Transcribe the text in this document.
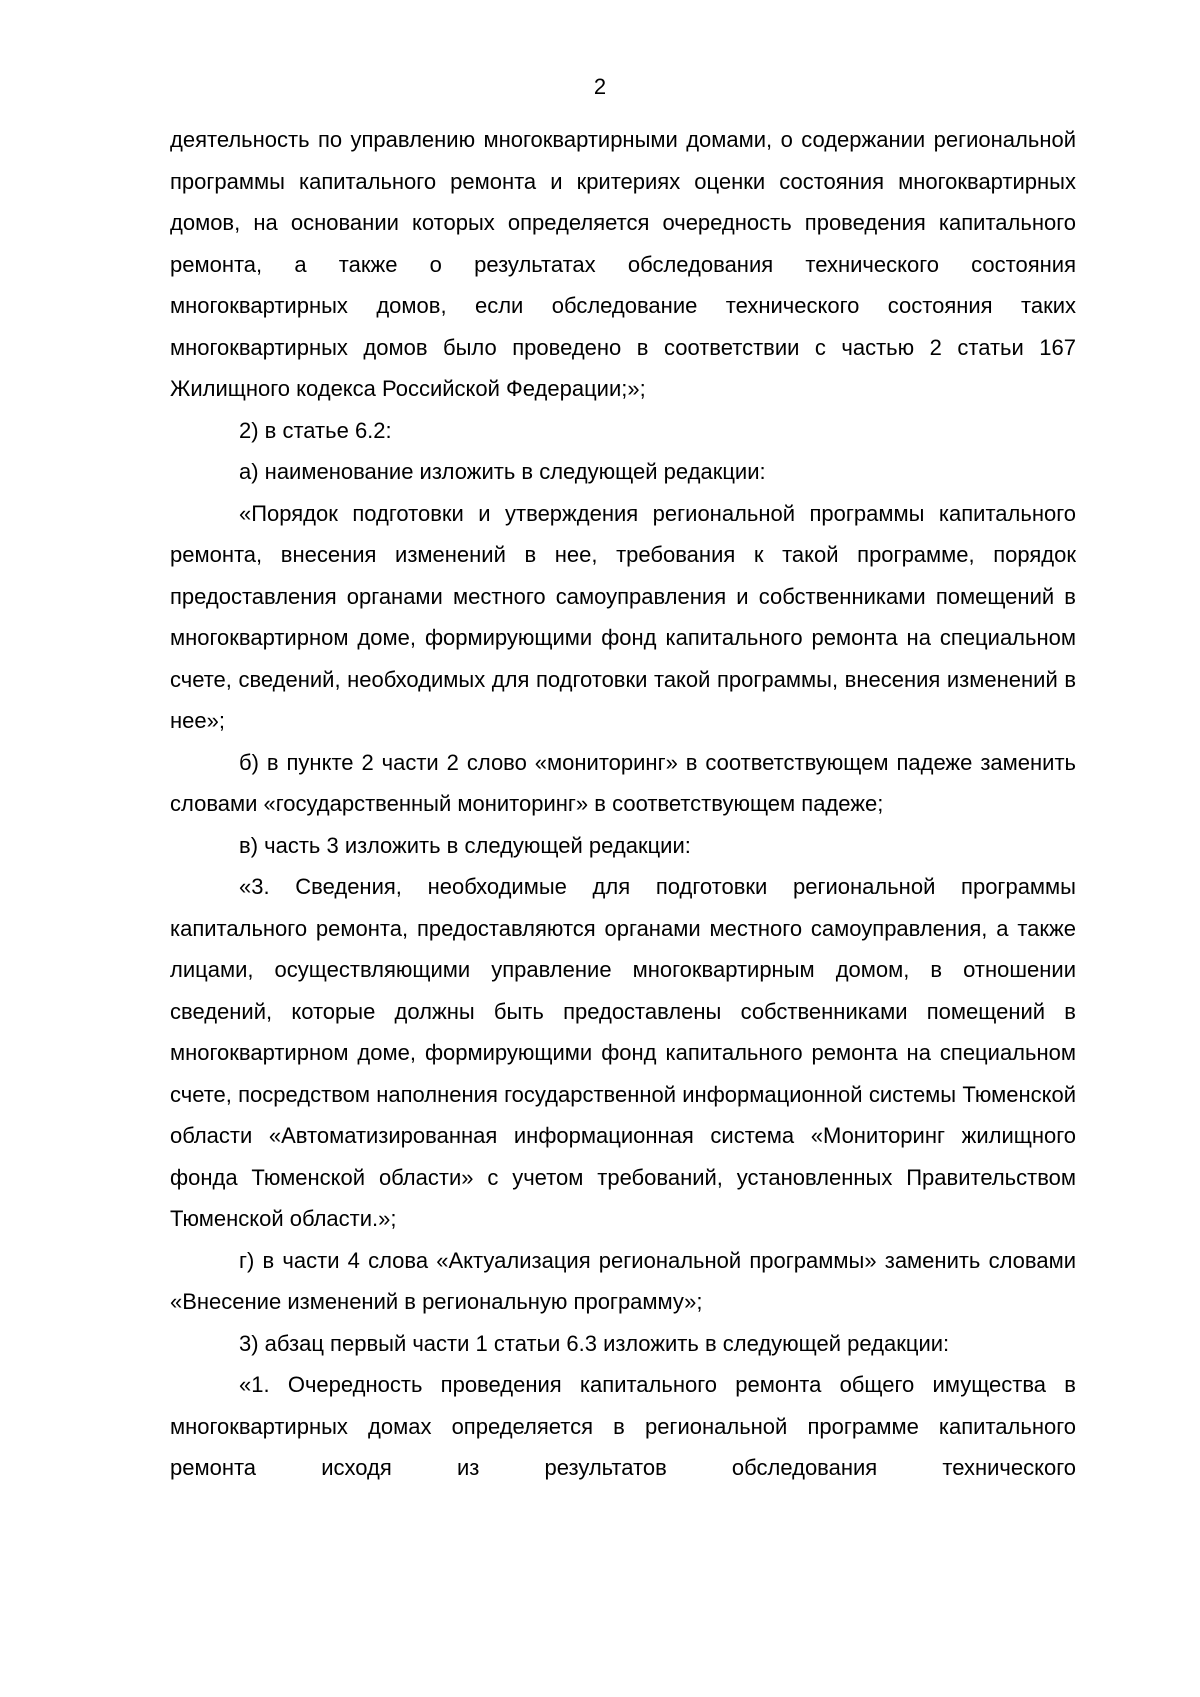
2

деятельность по управлению многоквартирными домами, о содержании региональной программы капитального ремонта и критериях оценки состояния многоквартирных домов, на основании которых определяется очередность проведения капитального ремонта, а также о результатах обследования технического состояния многоквартирных домов, если обследование технического состояния таких многоквартирных домов было проведено в соответствии с частью 2 статьи 167 Жилищного кодекса Российской Федерации;»;

2) в статье 6.2:

а) наименование изложить в следующей редакции:

«Порядок подготовки и утверждения региональной программы капитального ремонта, внесения изменений в нее, требования к такой программе, порядок предоставления органами местного самоуправления и собственниками помещений в многоквартирном доме, формирующими фонд капитального ремонта на специальном счете, сведений, необходимых для подготовки такой программы, внесения изменений в нее»;

б) в пункте 2 части 2 слово «мониторинг» в соответствующем падеже заменить словами «государственный мониторинг» в соответствующем падеже;

в) часть 3 изложить в следующей редакции:

«3. Сведения, необходимые для подготовки региональной программы капитального ремонта, предоставляются органами местного самоуправления, а также лицами, осуществляющими управление многоквартирным домом, в отношении сведений, которые должны быть предоставлены собственниками помещений в многоквартирном доме, формирующими фонд капитального ремонта на специальном счете, посредством наполнения государственной информационной системы Тюменской области «Автоматизированная информационная система «Мониторинг жилищного фонда Тюменской области» с учетом требований, установленных Правительством Тюменской области.»;

г) в части 4 слова «Актуализация региональной программы» заменить словами «Внесение изменений в региональную программу»;

3) абзац первый части 1 статьи 6.3 изложить в следующей редакции:

«1. Очередность проведения капитального ремонта общего имущества в многоквартирных домах определяется в региональной программе капитального ремонта исходя из результатов обследования технического
